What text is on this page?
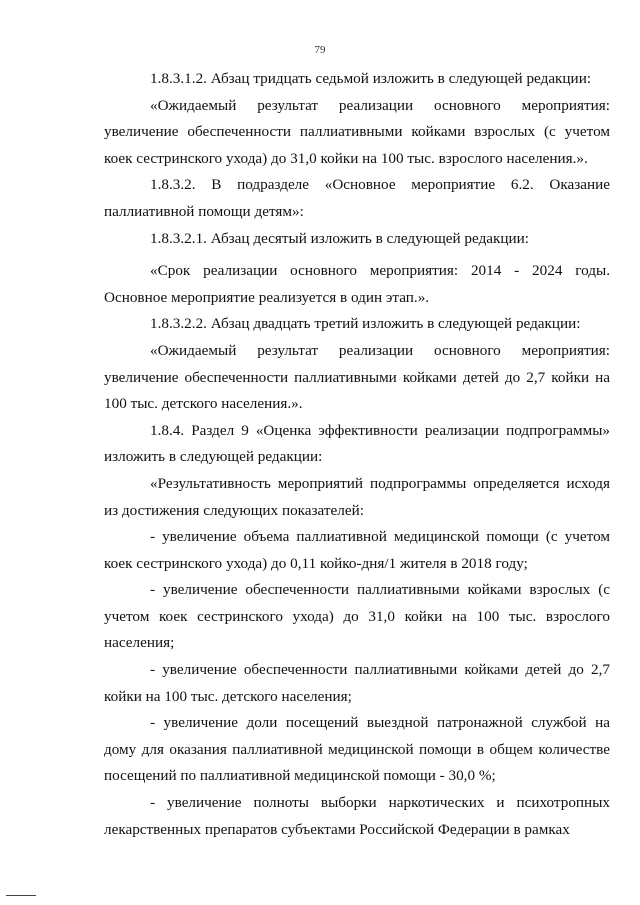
79

1.8.3.1.2. Абзац тридцать седьмой изложить в следующей редакции:

«Ожидаемый результат реализации основного мероприятия: увеличение обеспеченности паллиативными койками взрослых (с учетом коек сестринского ухода) до 31,0 койки на 100 тыс. взрослого населения.».

1.8.3.2. В подразделе «Основное мероприятие 6.2. Оказание паллиативной помощи детям»:

1.8.3.2.1. Абзац десятый изложить в следующей редакции:

«Срок реализации основного мероприятия: 2014 - 2024 годы. Основное мероприятие реализуется в один этап.».

1.8.3.2.2. Абзац двадцать третий изложить в следующей редакции:

«Ожидаемый результат реализации основного мероприятия: увеличение обеспеченности паллиативными койками детей до 2,7 койки на 100 тыс. детского населения.».

1.8.4. Раздел 9 «Оценка эффективности реализации подпрограммы» изложить в следующей редакции:

«Результативность мероприятий подпрограммы определяется исходя из достижения следующих показателей:

- увеличение объема паллиативной медицинской помощи (с учетом коек сестринского ухода) до 0,11 койко-дня/1 жителя в 2018 году;

- увеличение обеспеченности паллиативными койками взрослых (с учетом коек сестринского ухода) до 31,0 койки на 100 тыс. взрослого населения;

- увеличение обеспеченности паллиативными койками детей до 2,7 койки на 100 тыс. детского населения;

- увеличение доли посещений выездной патронажной службой на дому для оказания паллиативной медицинской помощи в общем количестве посещений по паллиативной медицинской помощи - 30,0 %;

- увеличение полноты выборки наркотических и психотропных лекарственных препаратов субъектами Российской Федерации в рамках
